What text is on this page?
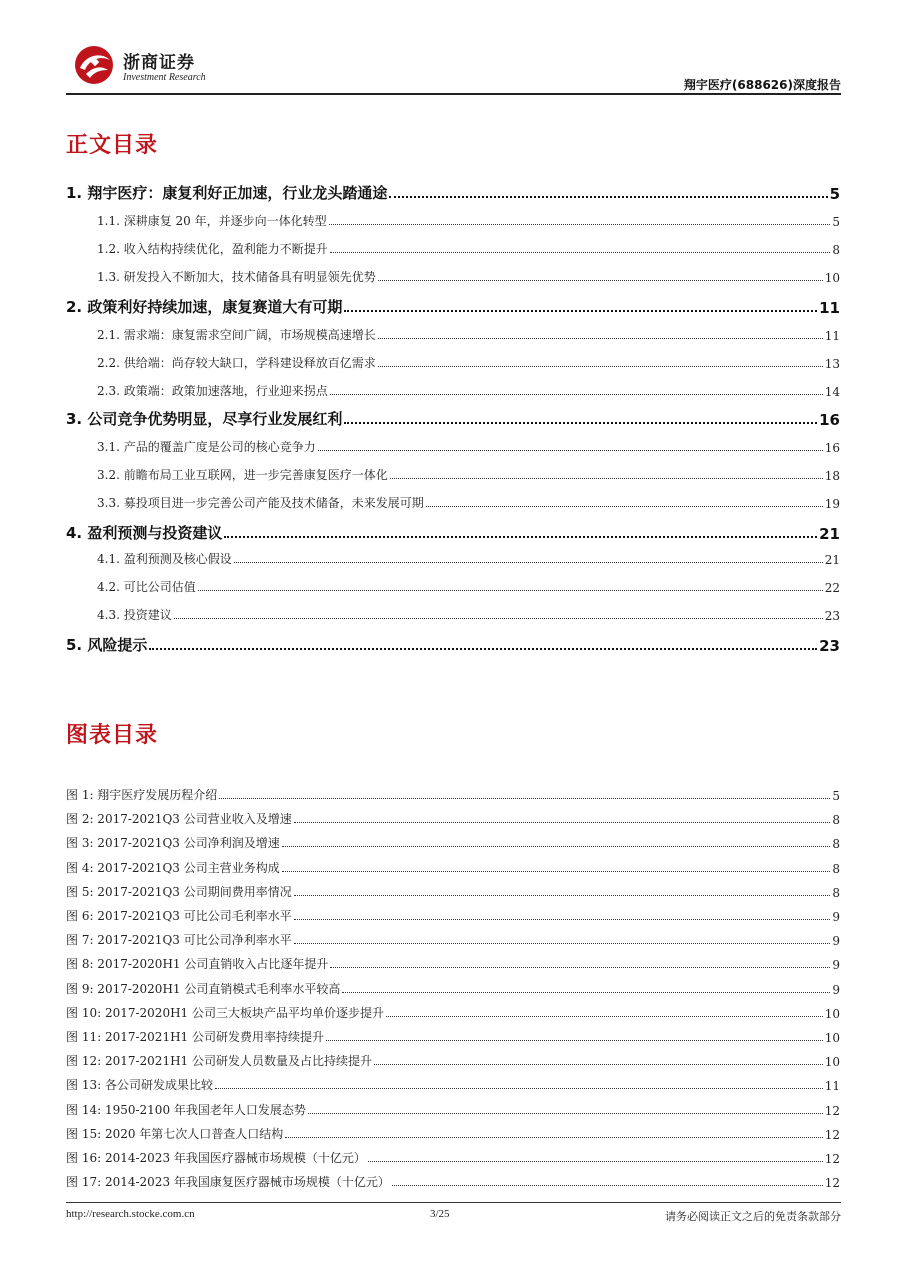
浙商证券
Investment Research
翔宇医疗(688626)深度报告
正文目录
1. 翔宇医疗：康复利好正加速，行业龙头踏通途	5
1.1. 深耕康复 20 年，并逐步向一体化转型	5
1.2. 收入结构持续优化，盈利能力不断提升	8
1.3. 研发投入不断加大，技术储备具有明显领先优势	10
2. 政策利好持续加速，康复赛道大有可期	11
2.1. 需求端：康复需求空间广阔，市场规模高速增长	11
2.2. 供给端：尚存较大缺口，学科建设释放百亿需求	13
2.3. 政策端：政策加速落地，行业迎来拐点	14
3. 公司竞争优势明显，尽享行业发展红利	16
3.1. 产品的覆盖广度是公司的核心竞争力	16
3.2. 前瞻布局工业互联网，进一步完善康复医疗一体化	18
3.3. 募投项目进一步完善公司产能及技术储备，未来发展可期	19
4. 盈利预测与投资建议	21
4.1. 盈利预测及核心假设	21
4.2. 可比公司估值	22
4.3. 投资建议	23
5. 风险提示	23
图表目录
图 1: 翔宇医疗发展历程介绍	5
图 2: 2017-2021Q3 公司营业收入及增速	8
图 3: 2017-2021Q3 公司净利润及增速	8
图 4: 2017-2021Q3 公司主营业务构成	8
图 5: 2017-2021Q3 公司期间费用率情况	8
图 6: 2017-2021Q3 可比公司毛利率水平	9
图 7: 2017-2021Q3 可比公司净利率水平	9
图 8: 2017-2020H1 公司直销收入占比逐年提升	9
图 9: 2017-2020H1 公司直销模式毛利率水平较高	9
图 10: 2017-2020H1 公司三大板块产品平均单价逐步提升	10
图 11: 2017-2021H1 公司研发费用率持续提升	10
图 12: 2017-2021H1 公司研发人员数量及占比持续提升	10
图 13: 各公司研发成果比较	11
图 14: 1950-2100 年我国老年人口发展态势	12
图 15: 2020 年第七次人口普查人口结构	12
图 16: 2014-2023 年我国医疗器械市场规模（十亿元）	12
图 17: 2014-2023 年我国康复医疗器械市场规模（十亿元）	12
http://research.stocke.com.cn	3/25	请务必阅读正文之后的免责条款部分
